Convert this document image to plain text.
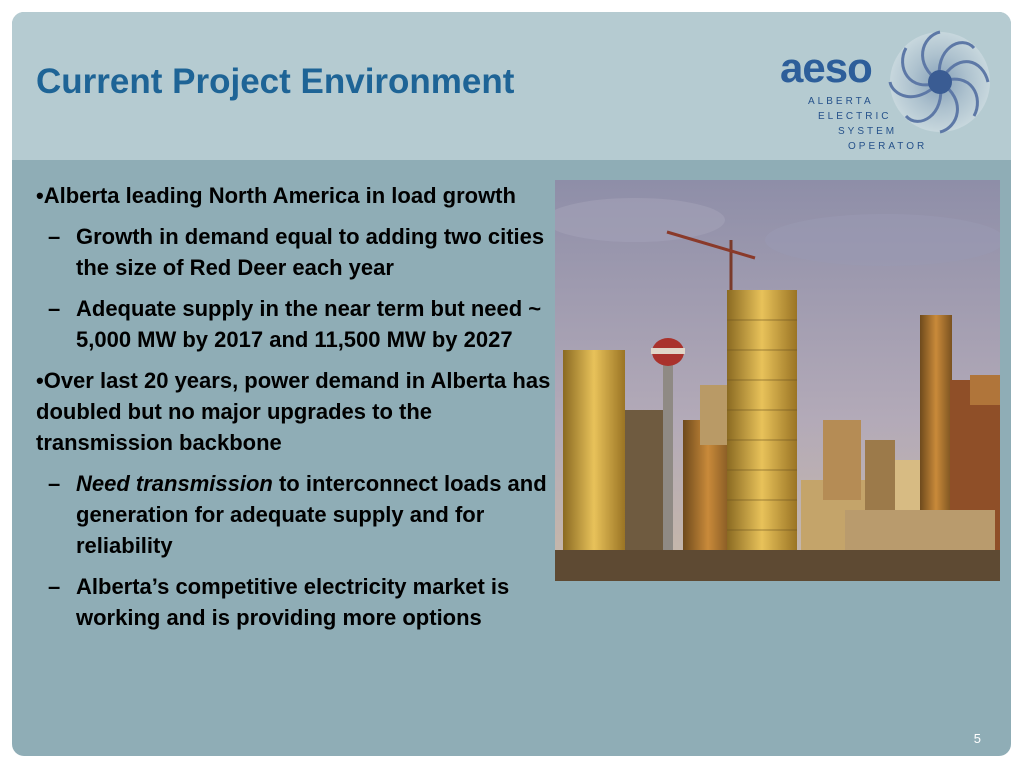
Current Project Environment	aeso
ALBERTA
ELECTRIC
SYSTEM
OPERATOR
•Alberta leading North America in load growth
– Growth in demand equal to adding two cities the size of Red Deer each year
– Adequate supply in the near term but need ~ 5,000 MW by 2017 and 11,500 MW by 2027
•Over last 20 years, power demand in Alberta has doubled but no major upgrades to the transmission backbone
– Need transmission to interconnect loads and generation for adequate supply and for reliability
– Alberta’s competitive electricity market is working and is providing more options
5
